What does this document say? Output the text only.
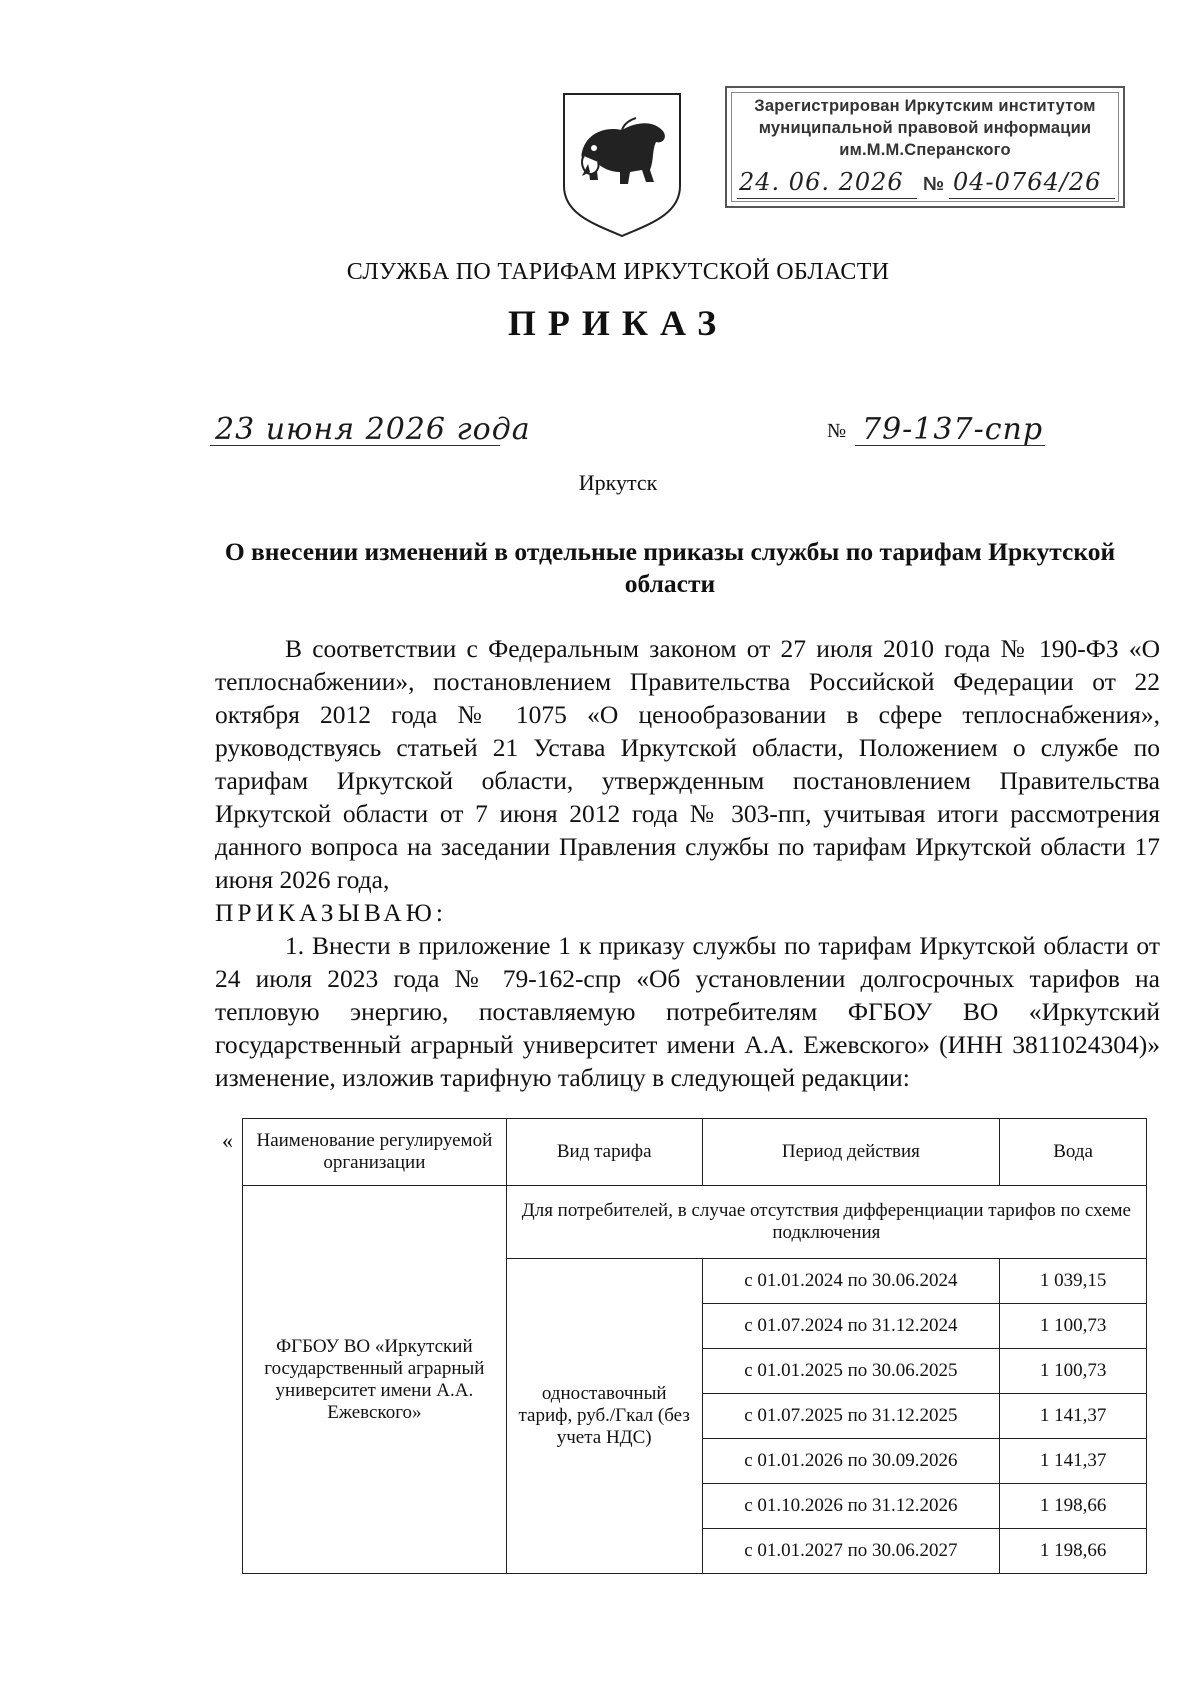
Зарегистрирован Иркутским институтом
муниципальной правовой информации
им.М.М.Сперанского
24. 06. 2026 № 04-0764/26
СЛУЖБА ПО ТАРИФАМ ИРКУТСКОЙ ОБЛАСТИ
ПРИКАЗ
23 июня 2026 года	№ 79-137-спр
Иркутск
О внесении изменений в отдельные приказы службы по тарифам Иркутской области

В соответствии с Федеральным законом от 27 июля 2010 года № 190-ФЗ «О теплоснабжении», постановлением Правительства Российской Федерации от 22 октября 2012 года № 1075 «О ценообразовании в сфере теплоснабжения», руководствуясь статьей 21 Устава Иркутской области, Положением о службе по тарифам Иркутской области, утвержденным постановлением Правительства Иркутской области от 7 июня 2012 года № 303-пп, учитывая итоги рассмотрения данного вопроса на заседании Правления службы по тарифам Иркутской области 17 июня 2026 года,

ПРИКАЗЫВАЮ:

1. Внести в приложение 1 к приказу службы по тарифам Иркутской области от 24 июля 2023 года № 79-162-спр «Об установлении долгосрочных тарифов на тепловую энергию, поставляемую потребителям ФГБОУ ВО «Иркутский государственный аграрный университет имени А.А. Ежевского» (ИНН 3811024304)» изменение, изложив тарифную таблицу в следующей редакции:

« Наименование регулируемой организации	Вид тарифа	Период действия	Вода
ФГБОУ ВО «Иркутский государственный аграрный университет имени А.А. Ежевского»	Для потребителей, в случае отсутствия дифференциации тарифов по схеме подключения		
	одноставочный тариф, руб./Гкал (без учета НДС)	с 01.01.2024 по 30.06.2024	1 039,15
		с 01.07.2024 по 31.12.2024	1 100,73
		с 01.01.2025 по 30.06.2025	1 100,73
		с 01.07.2025 по 31.12.2025	1 141,37
		с 01.01.2026 по 30.09.2026	1 141,37
		с 01.10.2026 по 31.12.2026	1 198,66
		с 01.01.2027 по 30.06.2027	1 198,66
